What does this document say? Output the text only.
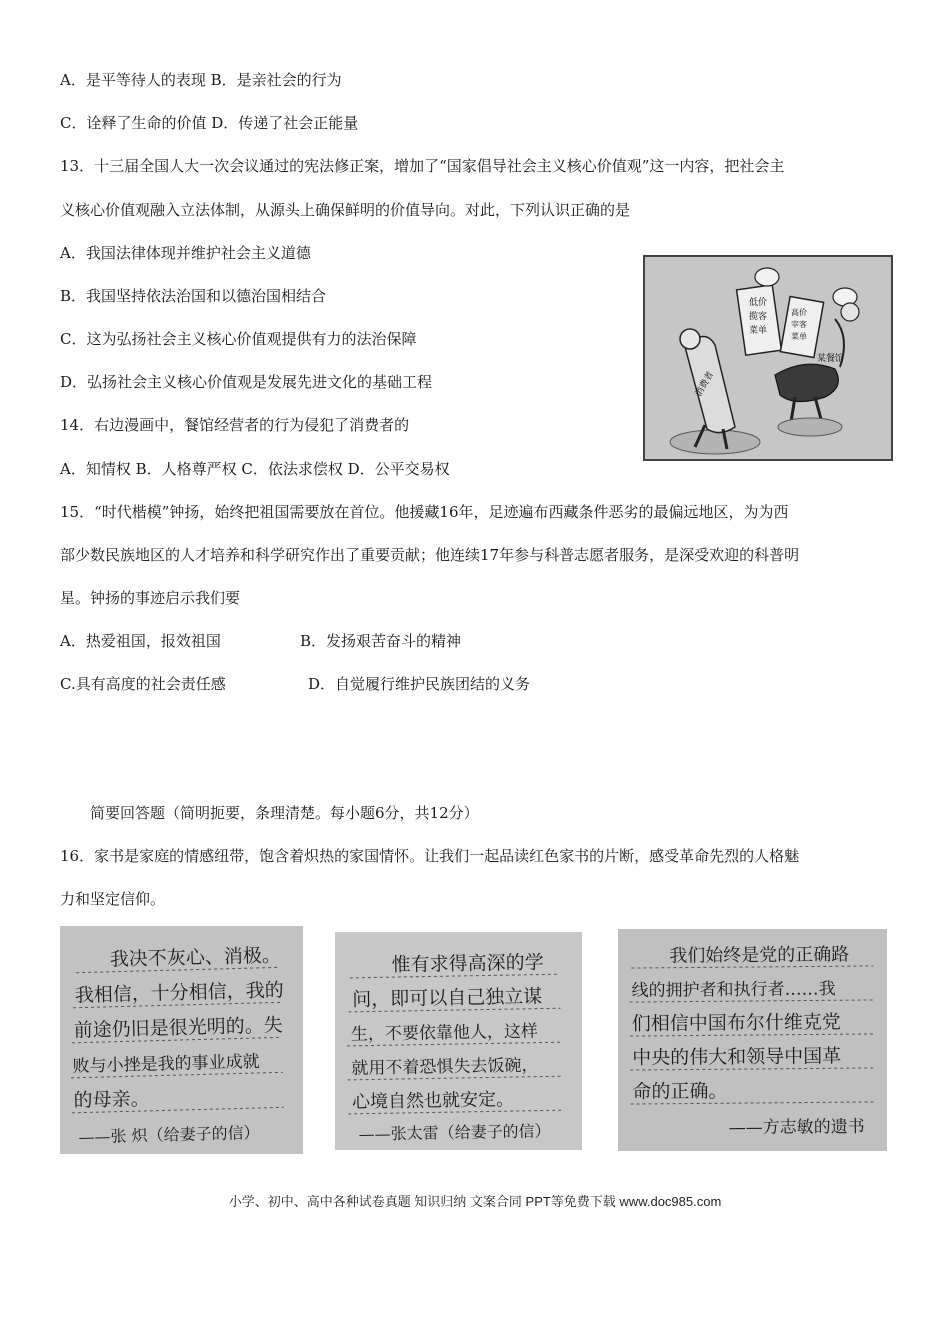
A．是平等待人的表现 B．是亲社会的行为
C．诠释了生命的价值 D．传递了社会正能量
13．十三届全国人大一次会议通过的宪法修正案，增加了“国家倡导社会主义核心价值观”这一内容，把社会主
义核心价值观融入立法体制，从源头上确保鲜明的价值导向。对此，下列认识正确的是
A．我国法律体现并维护社会主义道德
B．我国坚持依法治国和以德治国相结合
C．这为弘扬社会主义核心价值观提供有力的法治保障
D．弘扬社会主义核心价值观是发展先进文化的基础工程
14．右边漫画中，餐馆经营者的行为侵犯了消费者的
A．知情权 B．人格尊严权 C．依法求偿权 D．公平交易权
消费者
低价
揽客
菜单
高价
宰客
菜单
某餐馆
15．“时代楷模”钟扬，始终把祖国需要放在首位。他援藏16年，足迹遍布西藏条件恶劣的最偏远地区，为为西
部少数民族地区的人才培养和科学研究作出了重要贡献；他连续17年参与科普志愿者服务，是深受欢迎的科普明
星。钟扬的事迹启示我们要
A．热爱祖国，报效祖国	B．发扬艰苦奋斗的精神
C.具有高度的社会责任感	D．自觉履行维护民族团结的义务
简要回答题（简明扼要，条理清楚。每小题6分，共12分）
16．家书是家庭的情感纽带，饱含着炽热的家国情怀。让我们一起品读红色家书的片断，感受革命先烈的人格魅
力和坚定信仰。
我决不灰心、消极。
我相信，十分相信，我的
前途仍旧是很光明的。失
败与小挫是我的事业成就
的母亲。
——张 炽（给妻子的信）
惟有求得高深的学
问，即可以自己独立谋
生，不要依靠他人，这样
就用不着恐惧失去饭碗，
心境自然也就安定。
——张太雷（给妻子的信）
我们始终是党的正确路
线的拥护者和执行者……我
们相信中国布尔什维克党
中央的伟大和领导中国革
命的正确。
——方志敏的遗书
小学、初中、高中各种试卷真题 知识归纳 文案合同 PPT等免费下载 www.doc985.com
